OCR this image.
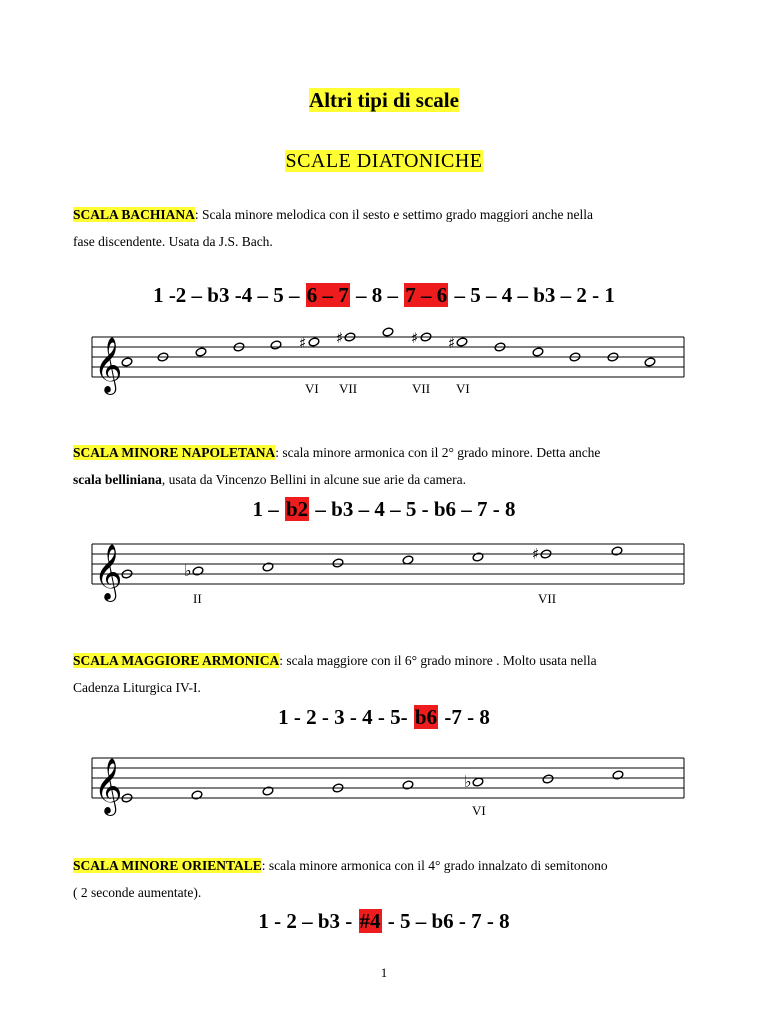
Altri tipi di scale
SCALE DIATONICHE
SCALA BACHIANA: Scala minore melodica con il sesto e settimo grado maggiori anche nella
fase discendente. Usata da J.S. Bach.
1 -2 – b3 -4 – 5 – 6 – 7 – 8 – 7 – 6 – 5 – 4 – b3 – 2 - 1
𝄞	♯ ♯	♯ ♯
VI VII	VII VI
SCALA MINORE NAPOLETANA: scala minore armonica con il 2° grado minore. Detta anche
scala belliniana, usata da Vincenzo Bellini in alcune sue arie da camera.
1 – b2 – b3 – 4 – 5 - b6 – 7 - 8
𝄞	♭
♯
II	VII
SCALA MAGGIORE ARMONICA: scala maggiore con il 6° grado minore . Molto usata nella
Cadenza Liturgica IV-I.
1 - 2 - 3 - 4 - 5- b6 -7 - 8
𝄞	♭
VI
SCALA MINORE ORIENTALE: scala minore armonica con il 4° grado innalzato di semitonono
( 2 seconde aumentate).
1 - 2 – b3 - #4 - 5 – b6 - 7 - 8
1
